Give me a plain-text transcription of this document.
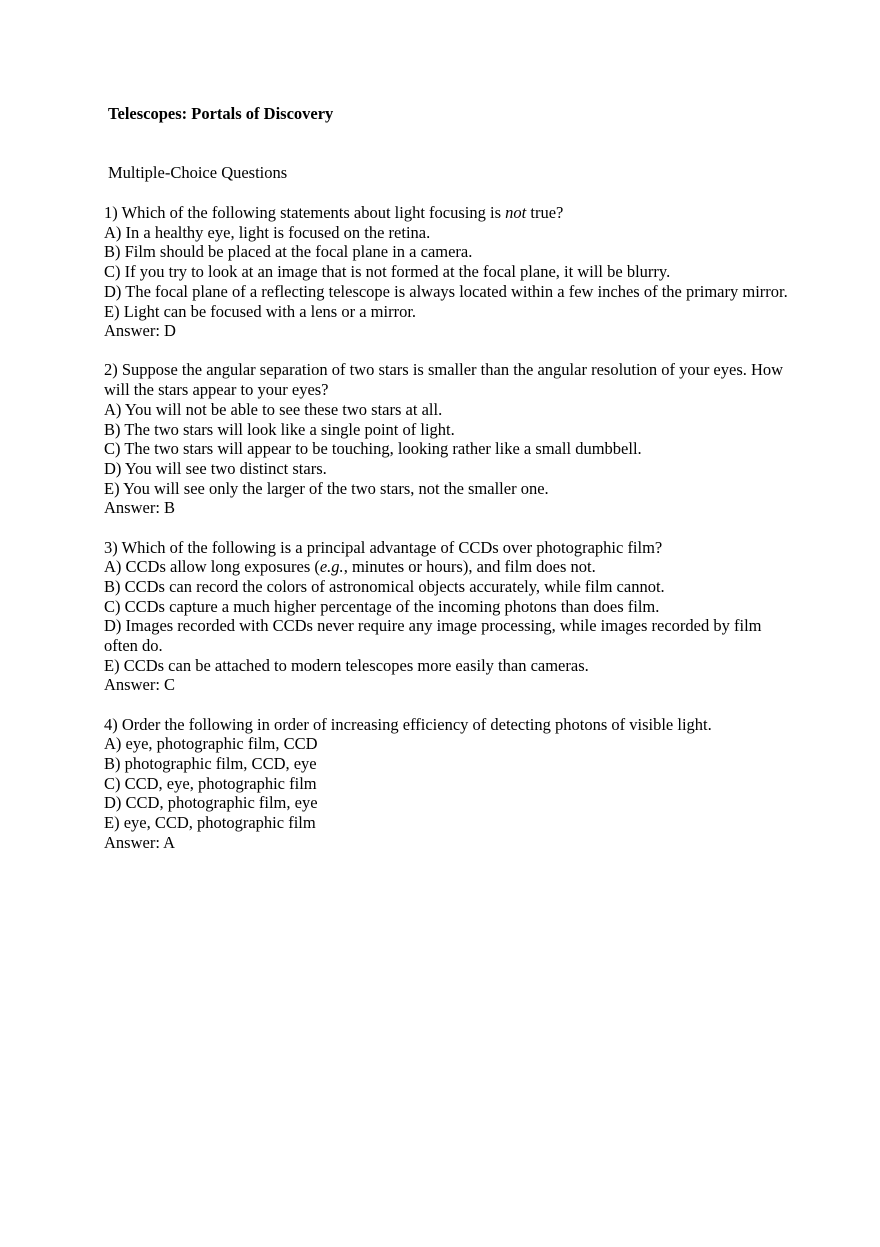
Telescopes: Portals of Discovery

Multiple-Choice Questions

1) Which of the following statements about light focusing is not true?

A) In a healthy eye, light is focused on the retina.

B) Film should be placed at the focal plane in a camera.

C) If you try to look at an image that is not formed at the focal plane, it will be blurry.

D) The focal plane of a reflecting telescope is always located within a few inches of the primary mirror.

E) Light can be focused with a lens or a mirror.

Answer: D

2) Suppose the angular separation of two stars is smaller than the angular resolution of your eyes. How will the stars appear to your eyes?

A) You will not be able to see these two stars at all.

B) The two stars will look like a single point of light.

C) The two stars will appear to be touching, looking rather like a small dumbbell.

D) You will see two distinct stars.

E) You will see only the larger of the two stars, not the smaller one.

Answer: B

3) Which of the following is a principal advantage of CCDs over photographic film?

A) CCDs allow long exposures (e.g., minutes or hours), and film does not.

B) CCDs can record the colors of astronomical objects accurately, while film cannot.

C) CCDs capture a much higher percentage of the incoming photons than does film.

D) Images recorded with CCDs never require any image processing, while images recorded by film often do.

E) CCDs can be attached to modern telescopes more easily than cameras.

Answer: C

4) Order the following in order of increasing efficiency of detecting photons of visible light.

A) eye, photographic film, CCD

B) photographic film, CCD, eye

C) CCD, eye, photographic film

D) CCD, photographic film, eye

E) eye, CCD, photographic film

Answer: A
